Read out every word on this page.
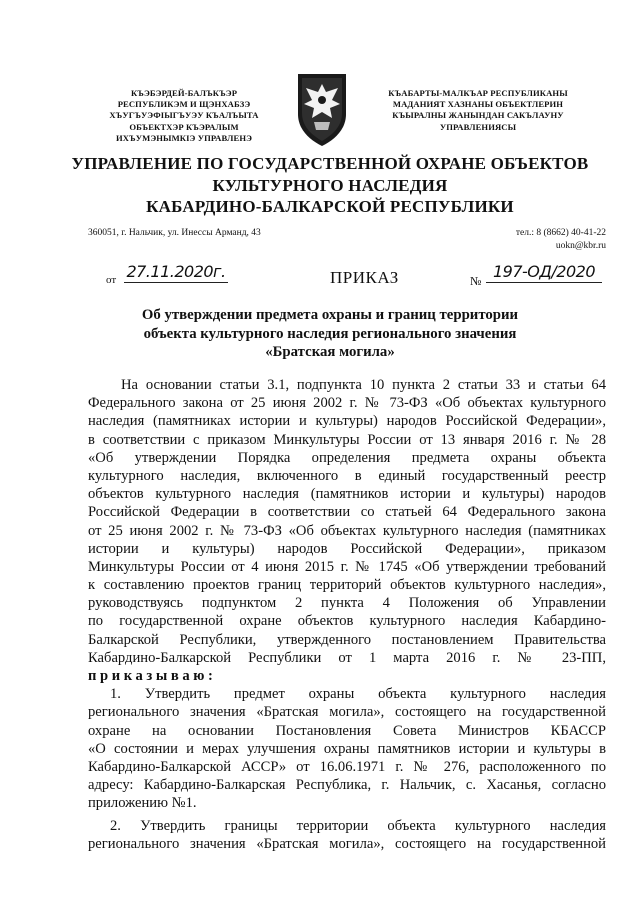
КЪЭБЭРДЕЙ-БАЛЪКЪЭР
РЕСПУБЛИКЭМ И ЩЭНХАБЗЭ
ХЪУГЪУЭФІЫГЪУЭУ КЪАЛЪЫТА
ОБЪЕКТХЭР КЪЭРАЛЫМ
ИХЪУМЭНЫМКІЭ УПРАВЛЕНЭ
КЪАБАРТЫ-МАЛКЪАР РЕСПУБЛИКАНЫ
МАДАНИЯТ ХАЗНАНЫ ОБЪЕКТЛЕРИН
КЪЫРАЛНЫ ЖАНЫНДАН САКЪЛАУНУ
УПРАВЛЕНИЯСЫ
УПРАВЛЕНИЕ ПО ГОСУДАРСТВЕННОЙ ОХРАНЕ ОБЪЕКТОВ
КУЛЬТУРНОГО НАСЛЕДИЯ
КАБАРДИНО-БАЛКАРСКОЙ РЕСПУБЛИКИ
360051, г. Нальчик, ул. Инессы Арманд, 43	тел.: 8 (8662) 40-41-22
uokn@kbr.ru
от 27.11.2020г.	ПРИКАЗ	№ 197-ОД/2020
Об утверждении предмета охраны и границ территории
объекта культурного наследия регионального значения
«Братская могила»
На основании статьи 3.1, подпункта 10 пункта 2 статьи 33 и статьи 64
Федерального закона от 25 июня 2002 г. № 73-ФЗ «Об объектах культурного
наследия (памятниках истории и культуры) народов Российской Федерации»,
в соответствии с приказом Минкультуры России от 13 января 2016 г. № 28
«Об утверждении Порядка определения предмета охраны объекта
культурного наследия, включенного в единый государственный реестр
объектов культурного наследия (памятников истории и культуры) народов
Российской Федерации в соответствии со статьей 64 Федерального закона
от 25 июня 2002 г. № 73-ФЗ «Об объектах культурного наследия (памятниках
истории и культуры) народов Российской Федерации», приказом
Минкультуры России от 4 июня 2015 г. № 1745 «Об утверждении требований
к составлению проектов границ территорий объектов культурного наследия»,
руководствуясь подпунктом 2 пункта 4 Положения об Управлении
по государственной охране объектов культурного наследия Кабардино-
Балкарской Республики, утвержденного постановлением Правительства
Кабардино-Балкарской Республики от 1 марта 2016 г. № 23-ПП,
приказываю:
1. Утвердить предмет охраны объекта культурного наследия
регионального значения «Братская могила», состоящего на государственной
охране на основании Постановления Совета Министров КБАССР
«О состоянии и мерах улучшения охраны памятников истории и культуры в
Кабардино-Балкарской АССР» от 16.06.1971 г. № 276, расположенного по
адресу: Кабардино-Балкарская Республика, г. Нальчик, с. Хасанья, согласно
приложению №1.
2. Утвердить границы территории объекта культурного наследия
регионального значения «Братская могила», состоящего на государственной
